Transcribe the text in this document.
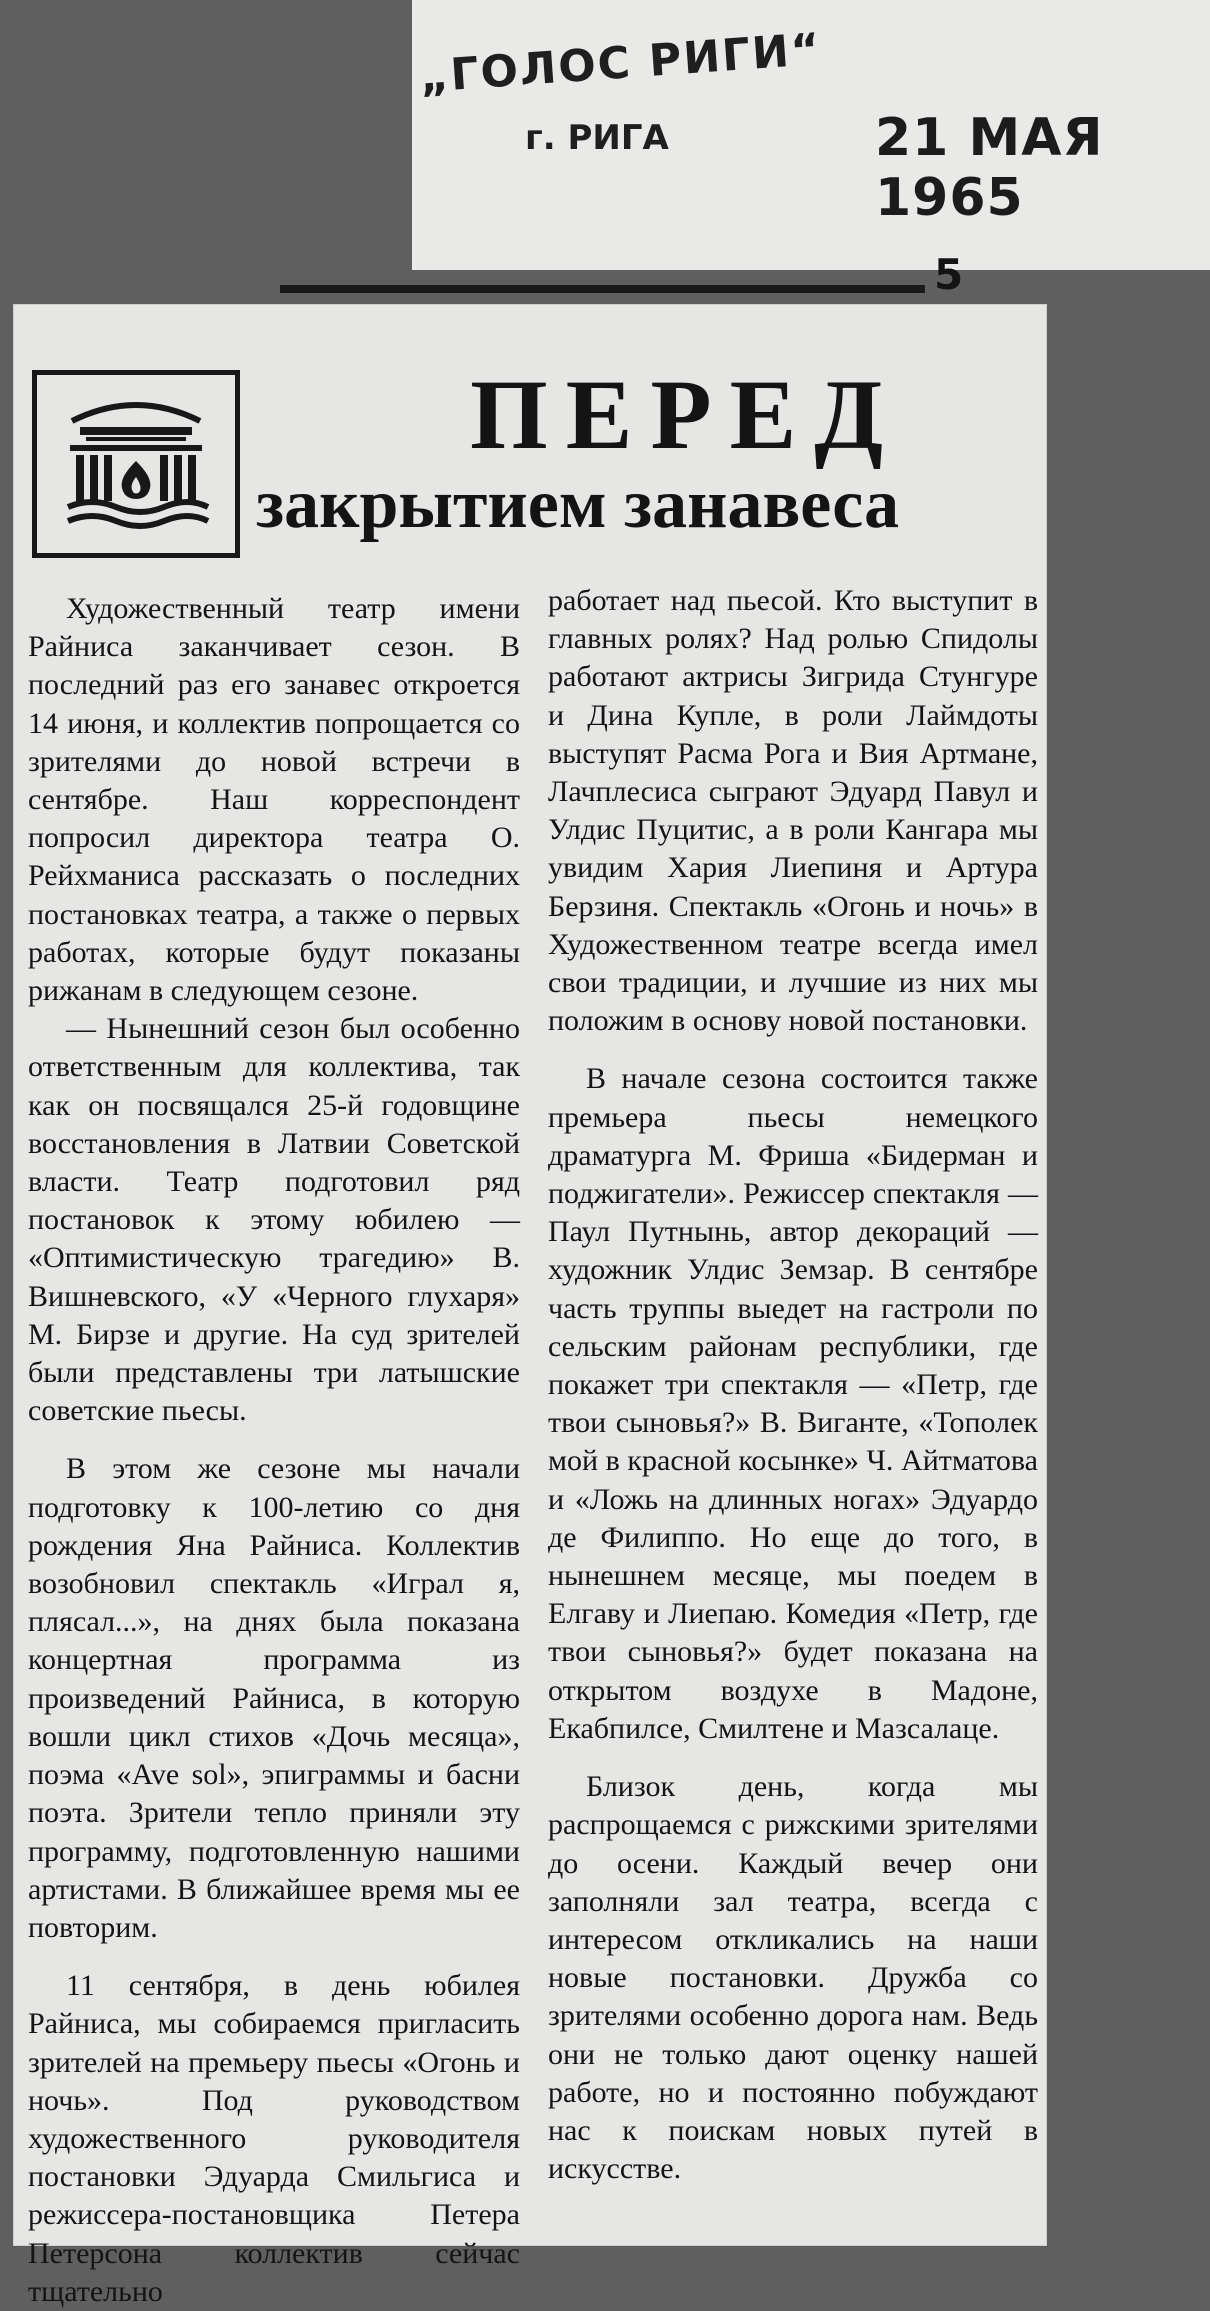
„ГОЛОС РИГИ“
г. РИГА	21 МАЯ 1965
5
ПЕРЕД
закрытием занавеса

Художественный театр имени Райниса заканчивает сезон. В последний раз его занавес откроется 14 июня, и коллектив попрощается со зрителями до новой встречи в сентябре. Наш корреспондент попросил директора театра О. Рейхманиса рассказать о последних постановках театра, а также о первых работах, которые будут показаны рижанам в следующем сезоне.

— Нынешний сезон был особенно ответственным для коллектива, так как он посвящался 25-й годовщине восстановления в Латвии Советской власти. Театр подготовил ряд постановок к этому юбилею — «Оптимистическую трагедию» В. Вишневского, «У «Черного глухаря» М. Бирзе и другие. На суд зрителей были представлены три латышские советские пьесы.

В этом же сезоне мы начали подготовку к 100-летию со дня рождения Яна Райниса. Коллектив возобновил спектакль «Играл я, плясал...», на днях была показана концертная программа из произведений Райниса, в которую вошли цикл стихов «Дочь месяца», поэма «Ave sol», эпиграммы и басни поэта. Зрители тепло приняли эту программу, подготовленную нашими артистами. В ближайшее время мы ее повторим.

11 сентября, в день юбилея Райниса, мы собираемся пригласить зрителей на премьеру пьесы «Огонь и ночь». Под руководством художественного руководителя постановки Эдуарда Смильгиса и режиссера-постановщика Петера Петерсона коллектив сейчас тщательно

работает над пьесой. Кто выступит в главных ролях? Над ролью Спидолы работают актрисы Зигрида Стунгуре и Дина Купле, в роли Лаймдоты выступят Расма Рога и Вия Артмане, Лачплесиса сыграют Эдуард Павул и Улдис Пуцитис, а в роли Кангара мы увидим Хария Лиепиня и Артура Берзиня. Спектакль «Огонь и ночь» в Художественном театре всегда имел свои традиции, и лучшие из них мы положим в основу новой постановки.

В начале сезона состоится также премьера пьесы немецкого драматурга М. Фриша «Бидерман и поджигатели». Режиссер спектакля — Паул Путнынь, автор декораций — художник Улдис Земзар. В сентябре часть труппы выедет на гастроли по сельским районам республики, где покажет три спектакля — «Петр, где твои сыновья?» В. Виганте, «Тополек мой в красной косынке» Ч. Айтматова и «Ложь на длинных ногах» Эдуардо де Филиппо. Но еще до того, в нынешнем месяце, мы поедем в Елгаву и Лиепаю. Комедия «Петр, где твои сыновья?» будет показана на открытом воздухе в Мадоне, Екабпилсе, Смилтене и Мазсалаце.

Близок день, когда мы распрощаемся с рижскими зрителями до осени. Каждый вечер они заполняли зал театра, всегда с интересом откликались на наши новые постановки. Дружба со зрителями особенно дорога нам. Ведь они не только дают оценку нашей работе, но и постоянно побуждают нас к поискам новых путей в искусстве.
